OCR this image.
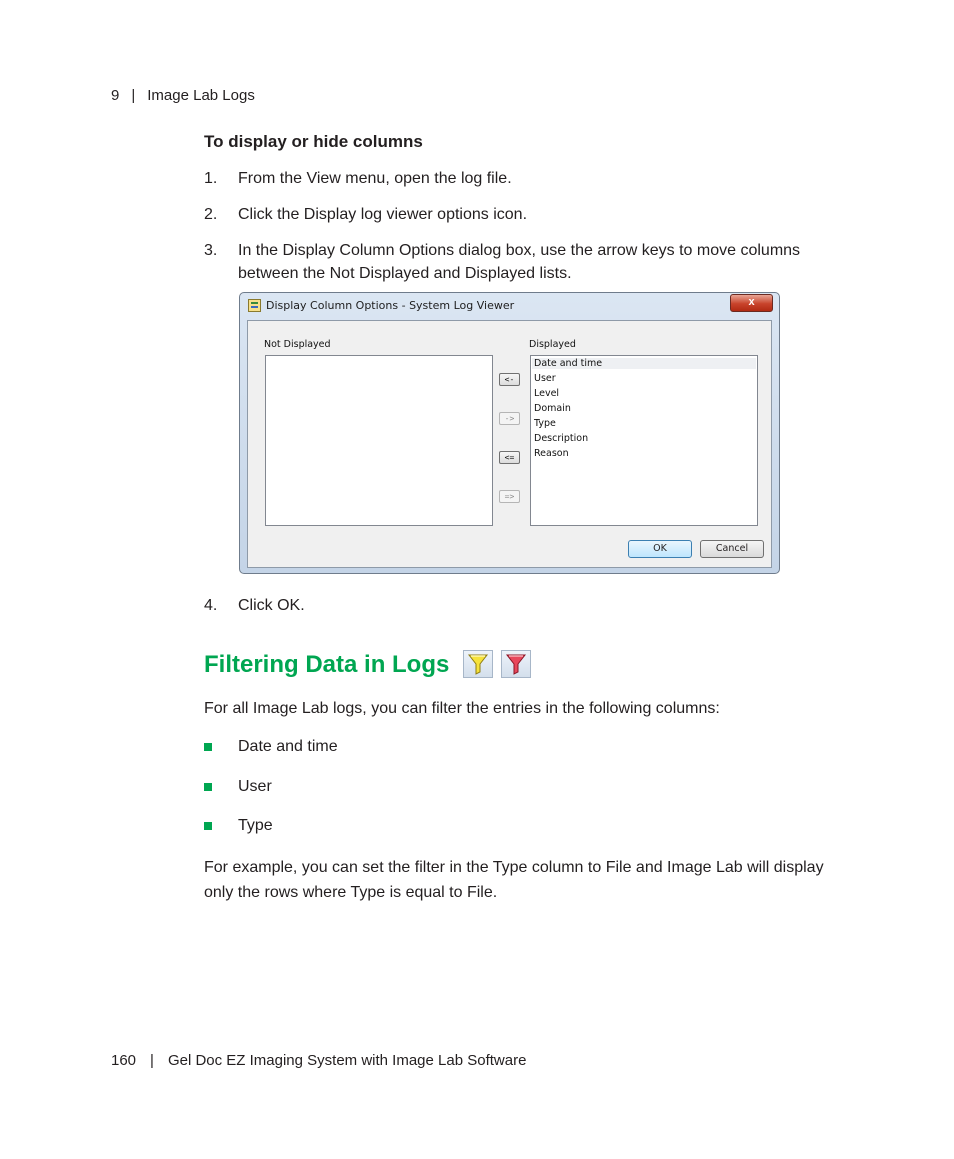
9 | Image Lab Logs
To display or hide columns
1. From the View menu, open the log file.
2. Click the Display log viewer options icon.
3. In the Display Column Options dialog box, use the arrow keys to move columns between the Not Displayed and Displayed lists.
Display Column Options - System Log Viewer	x
Not Displayed	Displayed
<-
->
<=
=>
Date and time
User
Level
Domain
Type
Description
Reason
OK	Cancel
4. Click OK.
Filtering Data in Logs
For all Image Lab logs, you can filter the entries in the following columns:
Date and time
User
Type
For example, you can set the filter in the Type column to File and Image Lab will display only the rows where Type is equal to File.
160 | Gel Doc EZ Imaging System with Image Lab Software
